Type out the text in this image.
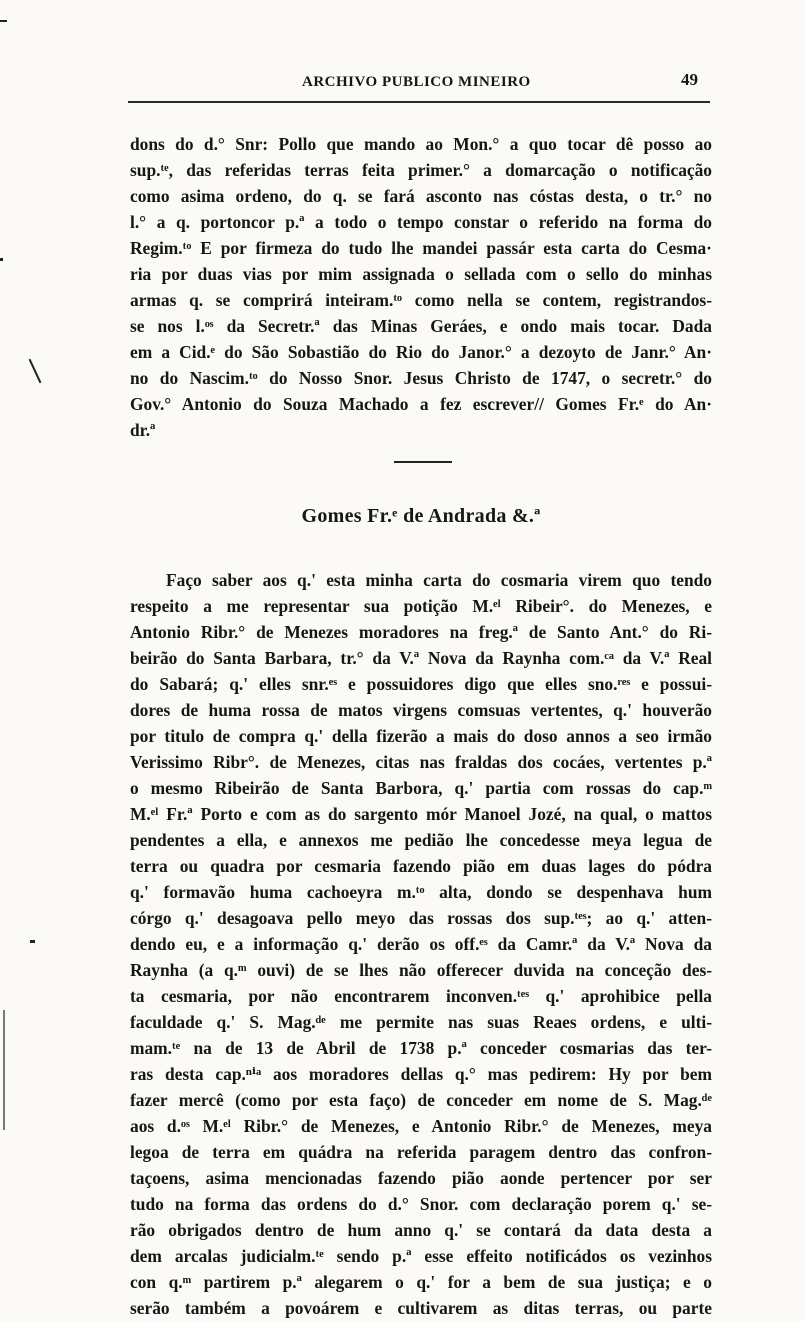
ARCHIVO PUBLICO MINEIRO	49
dons do d.° Snr: Pollo que mando ao Mon.° a quo tocar dê posso ao
sup.ᵗᵉ, das referidas terras feita primer.° a domarcação o notificação
como asima ordeno, do q. se fará asconto nas cóstas desta, o tr.° no
l.° a q. portoncor p.ª a todo o tempo constar o referido na forma do
Regim.ᵗᵒ E por firmeza do tudo lhe mandei passár esta carta do Cesma·
ria por duas vias por mim assignada o sellada com o sello do minhas
armas q. se comprirá inteiram.ᵗᵒ como nella se contem, registrandos-
se nos l.ᵒˢ da Secretr.ª das Minas Geráes, e ondo mais tocar. Dada
em a Cid.ᵉ do São Sobastião do Rio do Janor.° a dezoyto de Janr.° An·
no do Nascim.ᵗᵒ do Nosso Snor. Jesus Christo de 1747, o secretr.° do
Gov.° Antonio do Souza Machado a fez escrever// Gomes Fr.ᵉ do An·
dr.ª
Gomes Fr.ᵉ de Andrada &.ª
Faço saber aos q.' esta minha carta do cosmaria virem quo tendo
respeito a me representar sua potição M.ᵉˡ Ribeir°. do Menezes, e
Antonio Ribr.° de Menezes moradores na freg.ª de Santo Ant.° do Ri-
beirão do Santa Barbara, tr.° da V.ª Nova da Raynha com.ᶜᵃ da V.ª Real
do Sabará; q.' elles snr.ᵉˢ e possuidores digo que elles sno.ʳᵉˢ e possui-
dores de huma rossa de matos virgens comsuas vertentes, q.' houverão
por titulo de compra q.' della fizerão a mais do doso annos a seo irmão
Verissimo Ribr°. de Menezes, citas nas fraldas dos cocáes, vertentes p.ª
o mesmo Ribeirão de Santa Barbora, q.' partia com rossas do cap.ᵐ
M.ᵉˡ Fr.ª Porto e com as do sargento mór Manoel Jozé, na qual, o mattos
pendentes a ella, e annexos me pedião lhe concedesse meya legua de
terra ou quadra por cesmaria fazendo pião em duas lages do pódra
q.' formavão huma cachoeyra m.ᵗᵒ alta, dondo se despenhava hum
córgo q.' desagoava pello meyo das rossas dos sup.ᵗᵉˢ; ao q.' atten-
dendo eu, e a informação q.' derão os off.ᵉˢ da Camr.ª da V.ª Nova da
Raynha (a q.ᵐ ouvi) de se lhes não offerecer duvida na conceção des-
ta cesmaria, por não encontrarem inconven.ᵗᵉˢ q.' aprohibice pella
faculdade q.' S. Mag.ᵈᵉ me permite nas suas Reaes ordens, e ulti-
mam.ᵗᵉ na de 13 de Abril de 1738 p.ª conceder cosmarias das ter-
ras desta cap.ⁿⁱᵃ aos moradores dellas q.° mas pedirem: Hy por bem
fazer mercê (como por esta faço) de conceder em nome de S. Mag.ᵈᵉ
aos d.ᵒˢ M.ᵉˡ Ribr.° de Menezes, e Antonio Ribr.° de Menezes, meya
legoa de terra em quádra na referida paragem dentro das confron-
taçoens, asima mencionadas fazendo pião aonde pertencer por ser
tudo na forma das ordens do d.° Snor. com declaração porem q.' se-
rão obrigados dentro de hum anno q.' se contará da data desta a
dem arcalas judicialm.ᵗᵉ sendo p.ª esse effeito notificádos os vezinhos
con q.ᵐ partirem p.ª alegarem o q.' for a bem de sua justiça; e o
serão também a povoárem e cultivarem as ditas terras, ou parte
